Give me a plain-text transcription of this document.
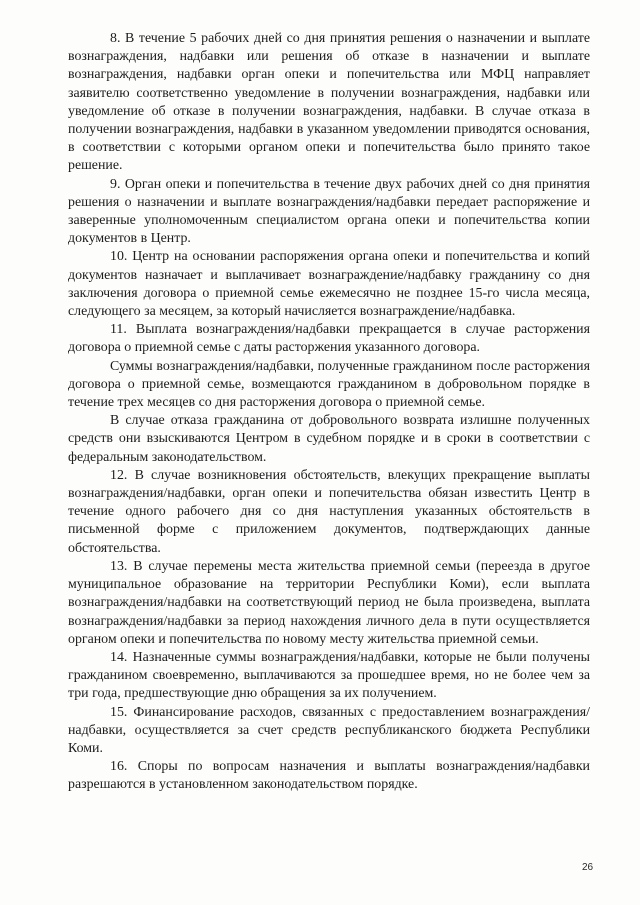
8. В течение 5 рабочих дней со дня принятия решения о назначении и выплате вознаграждения, надбавки или решения об отказе в назначении и выплате вознаграждения, надбавки орган опеки и попечительства или МФЦ направляет заявителю соответственно уведомление в получении вознаграждения, надбавки или уведомление об отказе в получении вознаграждения, надбавки. В случае отказа в получении вознаграждения, надбавки в указанном уведомлении приводятся основания, в соответствии с которыми органом опеки и попечительства было принято такое решение.

9. Орган опеки и попечительства в течение двух рабочих дней со дня принятия решения о назначении и выплате вознаграждения/надбавки передает распоряжение и заверенные уполномоченным специалистом органа опеки и попечительства копии документов в Центр.

10. Центр на основании распоряжения органа опеки и попечительства и копий документов назначает и выплачивает вознаграждение/надбавку гражданину со дня заключения договора о приемной семье ежемесячно не позднее 15-го числа месяца, следующего за месяцем, за который начисляется вознаграждение/надбавка.

11. Выплата вознаграждения/надбавки прекращается в случае расторжения договора о приемной семье с даты расторжения указанного договора.

Суммы вознаграждения/надбавки, полученные гражданином после расторжения договора о приемной семье, возмещаются гражданином в добровольном порядке в течение трех месяцев со дня расторжения договора о приемной семье.

В случае отказа гражданина от добровольного возврата излишне полученных средств они взыскиваются Центром в судебном порядке и в сроки в соответствии с федеральным законодательством.

12. В случае возникновения обстоятельств, влекущих прекращение выплаты вознаграждения/надбавки, орган опеки и попечительства обязан известить Центр в течение одного рабочего дня со дня наступления указанных обстоятельств в письменной форме с приложением документов, подтверждающих данные обстоятельства.

13. В случае перемены места жительства приемной семьи (переезда в другое муниципальное образование на территории Республики Коми), если выплата вознаграждения/надбавки на соответствующий период не была произведена, выплата вознаграждения/надбавки за период нахождения личного дела в пути осуществляется органом опеки и попечительства по новому месту жительства приемной семьи.

14. Назначенные суммы вознаграждения/надбавки, которые не были получены гражданином своевременно, выплачиваются за прошедшее время, но не более чем за три года, предшествующие дню обращения за их получением.

15. Финансирование расходов, связанных с предоставлением вознаграждения/надбавки, осуществляется за счет средств республиканского бюджета Республики Коми.

16. Споры по вопросам назначения и выплаты вознаграждения/надбавки разрешаются в установленном законодательством порядке.

26
